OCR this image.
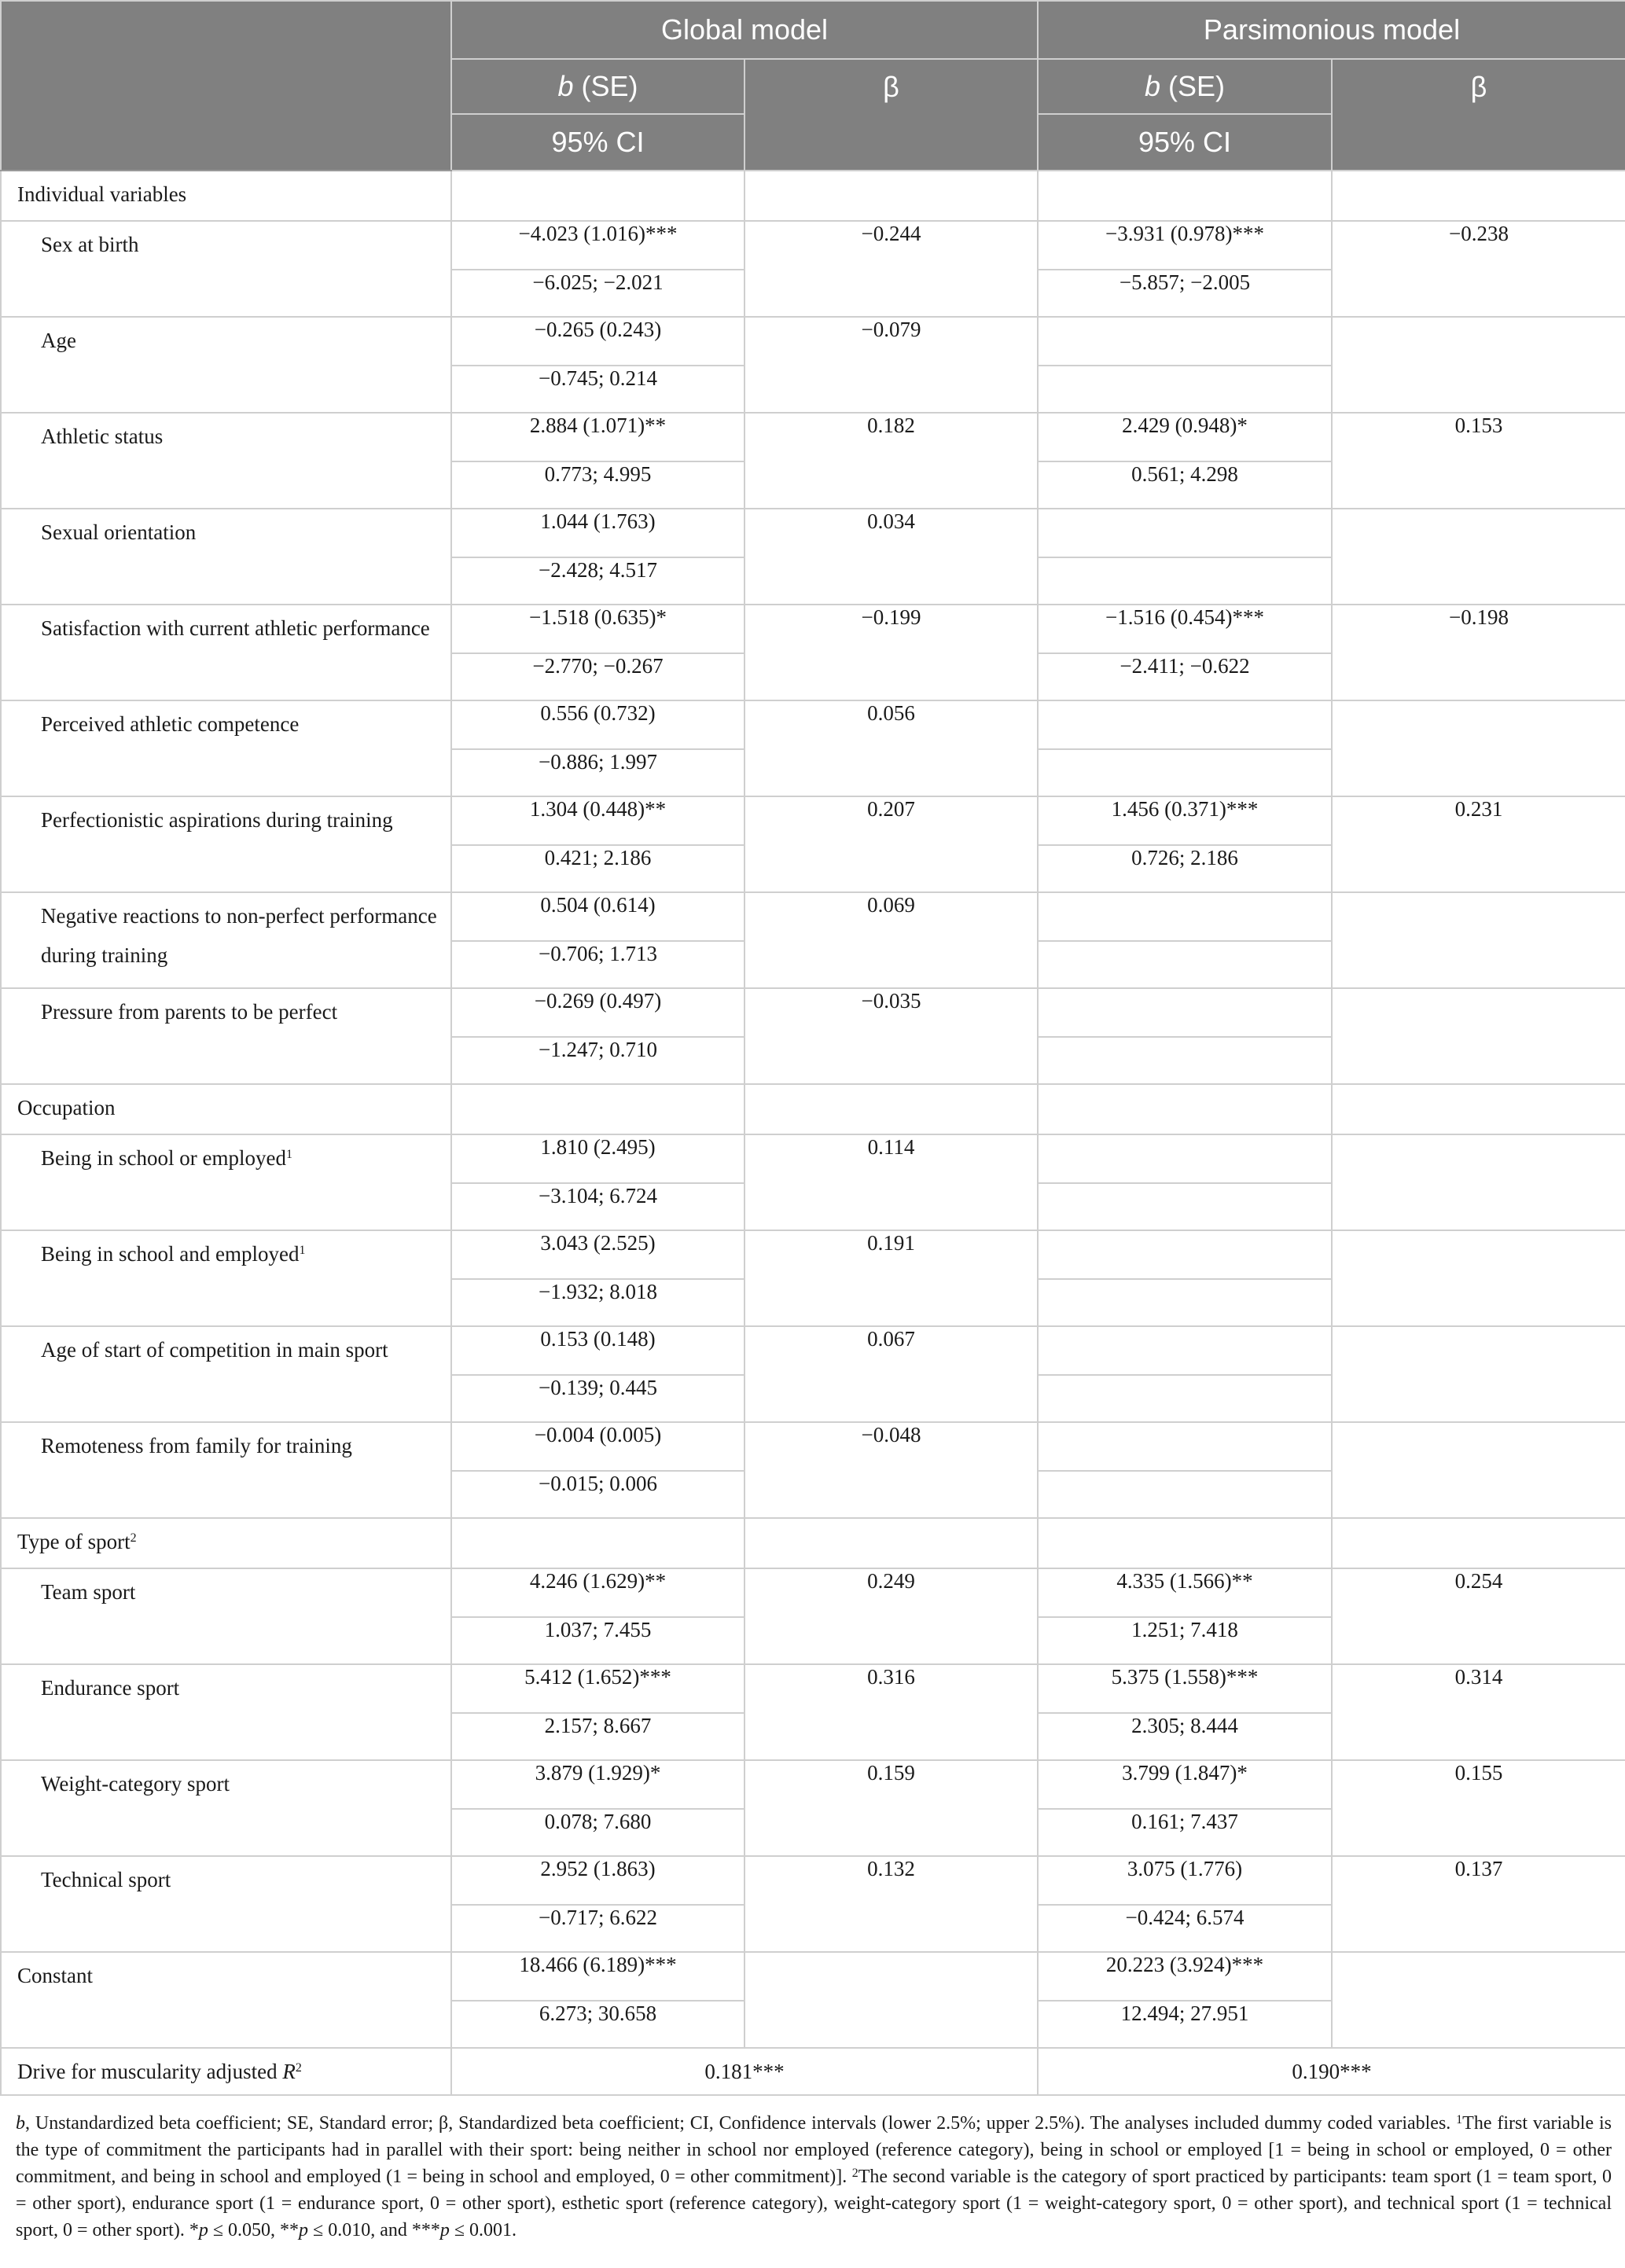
	Global model		Parsimonious model	
	b (SE)	β	b (SE)	β
	95% CI		95% CI	
Individual variables				
Sex at birth	−4.023 (1.016)***	−0.244	−3.931 (0.978)***	−0.238
	−6.025; −2.021		−5.857; −2.005	
Age	−0.265 (0.243)	−0.079		
	−0.745; 0.214			
Athletic status	2.884 (1.071)**	0.182	2.429 (0.948)*	0.153
	0.773; 4.995		0.561; 4.298	
Sexual orientation	1.044 (1.763)	0.034		
	−2.428; 4.517			
Satisfaction with current athletic performance	−1.518 (0.635)*	−0.199	−1.516 (0.454)***	−0.198
	−2.770; −0.267		−2.411; −0.622	
Perceived athletic competence	0.556 (0.732)	0.056		
	−0.886; 1.997			
Perfectionistic aspirations during training	1.304 (0.448)**	0.207	1.456 (0.371)***	0.231
	0.421; 2.186		0.726; 2.186	
Negative reactions to non-perfect performance during training	0.504 (0.614)	0.069		
	−0.706; 1.713			
Pressure from parents to be perfect	−0.269 (0.497)	−0.035		
	−1.247; 0.710			
Occupation				
Being in school or employed$^1$	1.810 (2.495)	0.114		
	−3.104; 6.724			
Being in school and employed$^1$	3.043 (2.525)	0.191		
	−1.932; 8.018			
Age of start of competition in main sport	0.153 (0.148)	0.067		
	−0.139; 0.445			
Remoteness from family for training	−0.004 (0.005)	−0.048		
	−0.015; 0.006			
Type of sport$^2$				
Team sport	4.246 (1.629)**	0.249	4.335 (1.566)**	0.254
	1.037; 7.455		1.251; 7.418	
Endurance sport	5.412 (1.652)***	0.316	5.375 (1.558)***	0.314
	2.157; 8.667		2.305; 8.444	
Weight-category sport	3.879 (1.929)*	0.159	3.799 (1.847)*	0.155
	0.078; 7.680		0.161; 7.437	
Technical sport	2.952 (1.863)	0.132	3.075 (1.776)	0.137
	−0.717; 6.622		−0.424; 6.574	
Constant	18.466 (6.189)***		20.223 (3.924)***	
	6.273; 30.658		12.494; 27.951	
Drive for muscularity adjusted $R^2$	0.181***		0.190***	
b, Unstandardized beta coefficient; SE, Standard error; β, Standardized beta coefficient; CI, Confidence intervals (lower 2.5%; upper 2.5%). The analyses included dummy coded variables. $^1$The first variable is the type of commitment the participants had in parallel with their sport: being neither in school nor employed (reference category), being in school or employed [1 = being in school or employed, 0 = other commitment, and being in school and employed (1 = being in school and employed, 0 = other commitment)]. $^2$The second variable is the category of sport practiced by participants: team sport (1 = team sport, 0 = other sport), endurance sport (1 = endurance sport, 0 = other sport), esthetic sport (reference category), weight-category sport (1 = weight-category sport, 0 = other sport), and technical sport (1 = technical sport, 0 = other sport). *p ≤ 0.050, **p ≤ 0.010, and ***p ≤ 0.001.
